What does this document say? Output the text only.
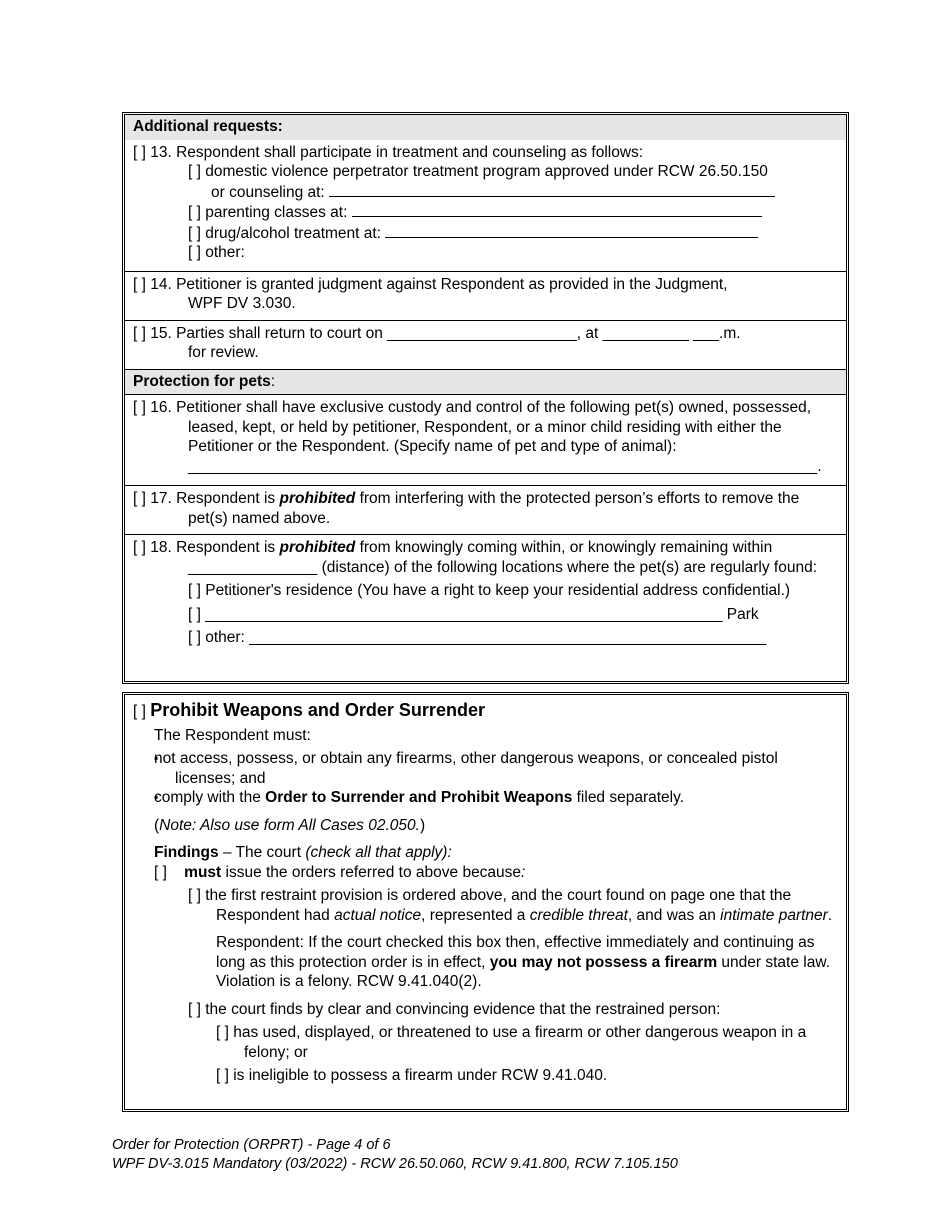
Additional requests:
[ ] 13. Respondent shall participate in treatment and counseling as follows:
[ ] domestic violence perpetrator treatment program approved under RCW 26.50.150
or counseling at:
[ ] parenting classes at:
[ ] drug/alcohol treatment at:
[ ] other:
[ ] 14. Petitioner is granted judgment against Respondent as provided in the Judgment,
WPF DV 3.030.
[ ] 15. Parties shall return to court on ______________________, at __________ ___.m.
for review.
Protection for pets:
[ ] 16. Petitioner shall have exclusive custody and control of the following pet(s) owned, possessed, leased, kept, or held by petitioner, Respondent, or a minor child residing with either the Petitioner or the Respondent. (Specify name of pet and type of animal):
_________________________________________________________________________.
[ ] 17. Respondent is prohibited from interfering with the protected person’s efforts to remove the pet(s) named above.
[ ] 18. Respondent is prohibited from knowingly coming within, or knowingly remaining within _______________ (distance) of the following locations where the pet(s) are regularly found:
[ ] Petitioner's residence (You have a right to keep your residential address confidential.)
[ ] ____________________________________________________________ Park
[ ] other: ____________________________________________________________
[ ] Prohibit Weapons and Order Surrender
The Respondent must:
▪ not access, possess, or obtain any firearms, other dangerous weapons, or concealed pistol licenses; and
▪ comply with the Order to Surrender and Prohibit Weapons filed separately.
(Note: Also use form All Cases 02.050.)
Findings – The court (check all that apply):
[ ] must issue the orders referred to above because:
[ ] the first restraint provision is ordered above, and the court found on page one that the Respondent had actual notice, represented a credible threat, and was an intimate partner.
Respondent: If the court checked this box then, effective immediately and continuing as long as this protection order is in effect, you may not possess a firearm under state law. Violation is a felony. RCW 9.41.040(2).
[ ] the court finds by clear and convincing evidence that the restrained person:
[ ] has used, displayed, or threatened to use a firearm or other dangerous weapon in a felony; or
[ ] is ineligible to possess a firearm under RCW 9.41.040.
Order for Protection (ORPRT) - Page 4 of 6
WPF DV-3.015 Mandatory (03/2022) - RCW 26.50.060, RCW 9.41.800, RCW 7.105.150
